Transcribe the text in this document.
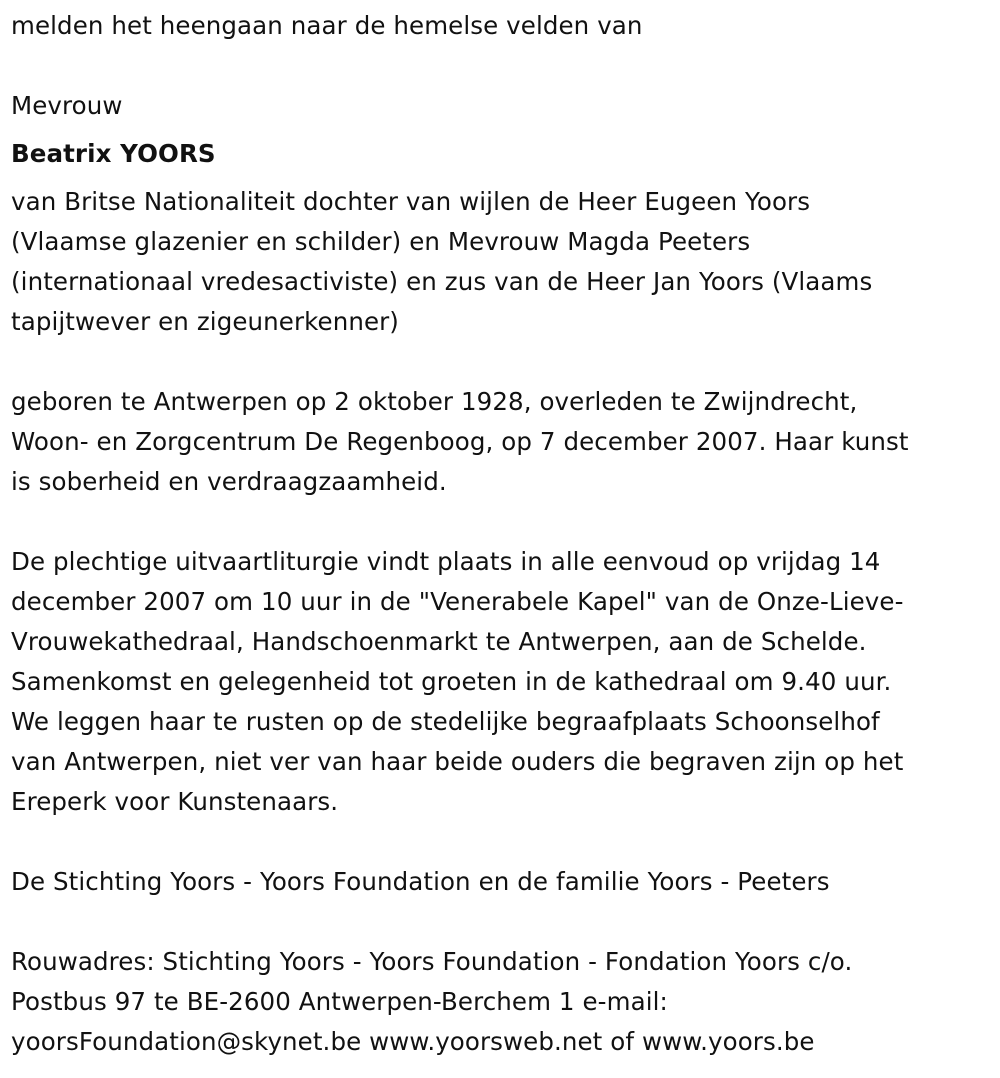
melden het heengaan naar de hemelse velden van
Mevrouw
Beatrix YOORS
van Britse Nationaliteit dochter van wijlen de Heer Eugeen Yoors
(Vlaamse glazenier en schilder) en Mevrouw Magda Peeters
(internationaal vredesactiviste) en zus van de Heer Jan Yoors (Vlaams
tapijtwever en zigeunerkenner)
geboren te Antwerpen op 2 oktober 1928, overleden te Zwijndrecht,
Woon- en Zorgcentrum De Regenboog, op 7 december 2007. Haar kunst
is soberheid en verdraagzaamheid.
De plechtige uitvaartliturgie vindt plaats in alle eenvoud op vrijdag 14
december 2007 om 10 uur in de "Venerabele Kapel" van de Onze-Lieve-
Vrouwekathedraal, Handschoenmarkt te Antwerpen, aan de Schelde.
Samenkomst en gelegenheid tot groeten in de kathedraal om 9.40 uur.
We leggen haar te rusten op de stedelijke begraafplaats Schoonselhof
van Antwerpen, niet ver van haar beide ouders die begraven zijn op het
Ereperk voor Kunstenaars.
De Stichting Yoors - Yoors Foundation en de familie Yoors - Peeters
Rouwadres: Stichting Yoors - Yoors Foundation - Fondation Yoors c/o.
Postbus 97 te BE-2600 Antwerpen-Berchem 1 e-mail:
yoorsFoundation@skynet.be www.yoorsweb.net of www.yoors.be
